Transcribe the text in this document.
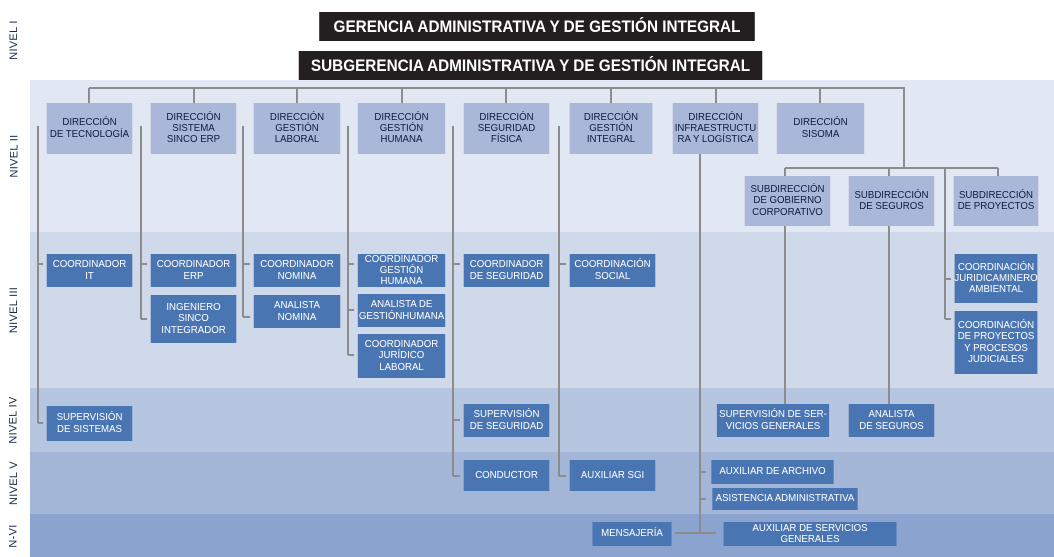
NIVEL I
NIVEL II
NIVEL III
NIVEL IV
NIVEL V
N-VI
GERENCIA ADMINISTRATIVA Y DE GESTIÓN INTEGRAL
SUBGERENCIA ADMINISTRATIVA Y DE GESTIÓN INTEGRAL
DIRECCIÓN
DE TECNOLOGÍA
DIRECCIÓN
SISTEMA
SINCO ERP
DIRECCIÓN
GESTIÓN
LABORAL
DIRECCIÓN
GESTIÓN
HUMANA
DIRECCIÓN
SEGURIDAD
FÍSICA
DIRECCIÓN
GESTIÓN
INTEGRAL
DIRECCIÓN
INFRAESTRUCTU
RA Y LOGÍSTICA
DIRECCIÓN
SISOMA
SUBDIRECCIÓN
DE GOBIERNO
CORPORATIVO
SUBDIRECCIÓN
DE SEGUROS
SUBDIRECCIÓN
DE PROYECTOS
COORDINADOR
IT
COORDINADOR
ERP
INGENIERO
SINCO
INTEGRADOR
COORDINADOR
NOMINA
ANALISTA
NOMINA
COORDINADOR
GESTIÓN HUMANA
ANALISTA DE
GESTIÓNHUMANA
COORDINADOR
JURÍDICO
LABORAL
COORDINADOR
DE SEGURIDAD
COORDINACIÓN
SOCIAL
COORDINACIÓN
JURIDICAMINERO
AMBIENTAL
COORDINACIÓN
DE PROYECTOS
Y PROCESOS
JUDICIALES
SUPERVISIÓN
DE SISTEMAS
SUPERVISIÓN
DE SEGURIDAD
SUPERVISIÓN DE SER-
VICIOS GENERALES
ANALISTA
DE SEGUROS
CONDUCTOR	AUXILIAR SGI	AUXILIAR DE ARCHIVO
ASISTENCIA ADMINISTRATIVA
MENSAJERÍA	AUXILIAR DE SERVICIOS GENERALES
